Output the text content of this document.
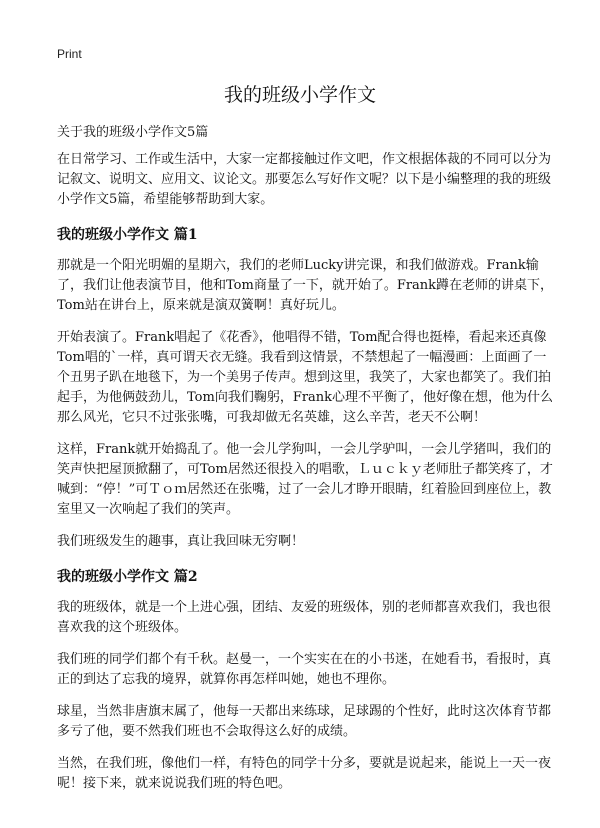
Print
我的班级小学作文

关于我的班级小学作文5篇

在日常学习、工作或生活中，大家一定都接触过作文吧，作文根据体裁的不同可以分为记叙文、说明文、应用文、议论文。那要怎么写好作文呢？以下是小编整理的我的班级小学作文5篇，希望能够帮助到大家。

我的班级小学作文 篇1

那就是一个阳光明媚的星期六，我们的老师Lucky讲完课，和我们做游戏。Frank输了，我们让他表演节目，他和Tom商量了一下，就开始了。Frank蹲在老师的讲桌下，Tom站在讲台上，原来就是演双簧啊！真好玩儿。

开始表演了。Frank唱起了《花香》，他唱得不错，Tom配合得也挺棒，看起来还真像Tom唱的`一样，真可谓天衣无缝。我看到这情景，不禁想起了一幅漫画：上面画了一个丑男子趴在地毯下，为一个美男子传声。想到这里，我笑了，大家也都笑了。我们拍起手，为他俩鼓劲儿，Tom向我们鞠躬，Frank心理不平衡了，他好像在想，他为什么那么风光，它只不过张张嘴，可我却做无名英雄，这么辛苦，老天不公啊！

这样，Frank就开始捣乱了。他一会儿学狗叫，一会儿学驴叫，一会儿学猪叫，我们的笑声快把屋顶掀翻了，可Tom居然还很投入的唱歌，Ｌｕｃｋｙ老师肚子都笑疼了，才喊到：“停！”可Ｔｏｍ居然还在张嘴，过了一会儿才睁开眼睛，红着脸回到座位上，教室里又一次响起了我们的笑声。

我们班级发生的趣事，真让我回味无穷啊！

我的班级小学作文 篇2

我的班级体，就是一个上进心强，团结、友爱的班级体，别的老师都喜欢我们，我也很喜欢我的这个班级体。

我们班的同学们都个有千秋。赵曼一，一个实实在在的小书迷，在她看书，看报时，真正的到达了忘我的境界，就算你再怎样叫她，她也不理你。

球星，当然非唐旗末属了，他每一天都出来练球，足球踢的个性好，此时这次体育节都多亏了他，要不然我们班也不会取得这么好的成绩。

当然，在我们班，像他们一样，有特色的同学十分多，要就是说起来，能说上一天一夜呢！接下来，就来说说我们班的特色吧。
